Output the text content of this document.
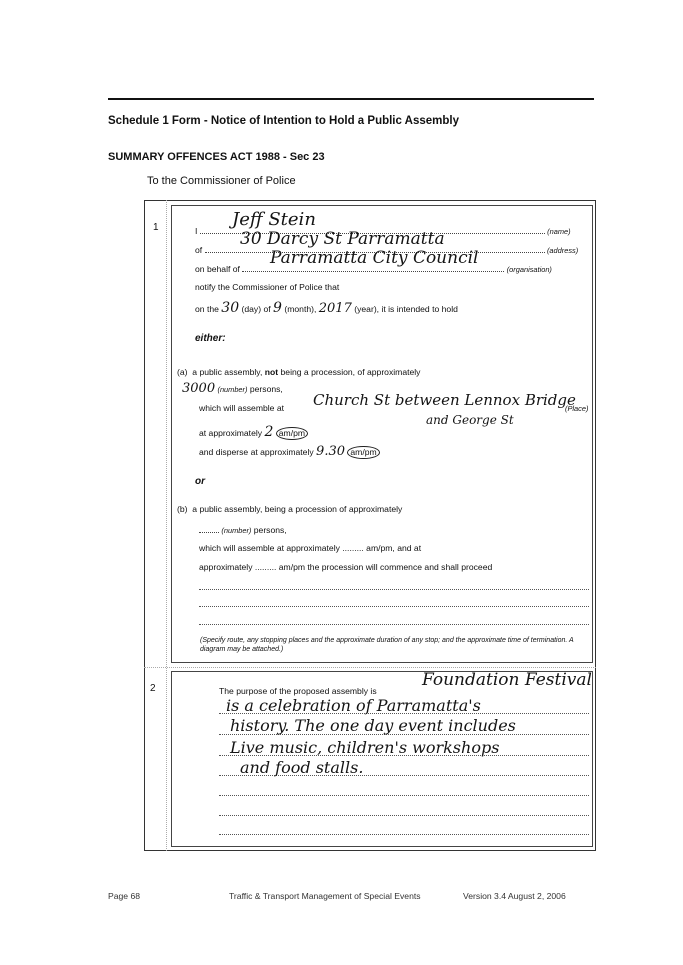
Schedule 1 Form - Notice of Intention to Hold a Public Assembly
SUMMARY OFFENCES ACT 1988 - Sec 23
To the Commissioner of Police
1	I	(name)
Jeff Stein
of	(address)
30 Darcy St Parramatta
on behalf of	(organisation)
Parramatta City Council
notify the Commissioner of Police that
on the 30 (day) of 9 (month), 2017 (year), it is intended to hold
either:
(a) a public assembly, not being a procession, of approximately
3000 (number) persons,
which will assemble at Church St between Lennox Bridge
(Place)
and George St
at approximately 2 am/pm
and disperse at approximately 9.30 am/pm
or
(b) a public assembly, being a procession of approximately
(number) persons,
which will assemble at approximately ......... am/pm, and at
approximately ......... am/pm the procession will commence and shall proceed
(Specify route, any stopping places and the approximate duration of any stop; and the approximate time of termination. A diagram may be attached.)
2	The purpose of the proposed assembly is
Foundation Festival
is a celebration of Parramatta's
history. The one day event includes
Live music, children's workshops
and food stalls.
Page 68	Traffic & Transport Management of Special Events	Version 3.4 August 2, 2006
